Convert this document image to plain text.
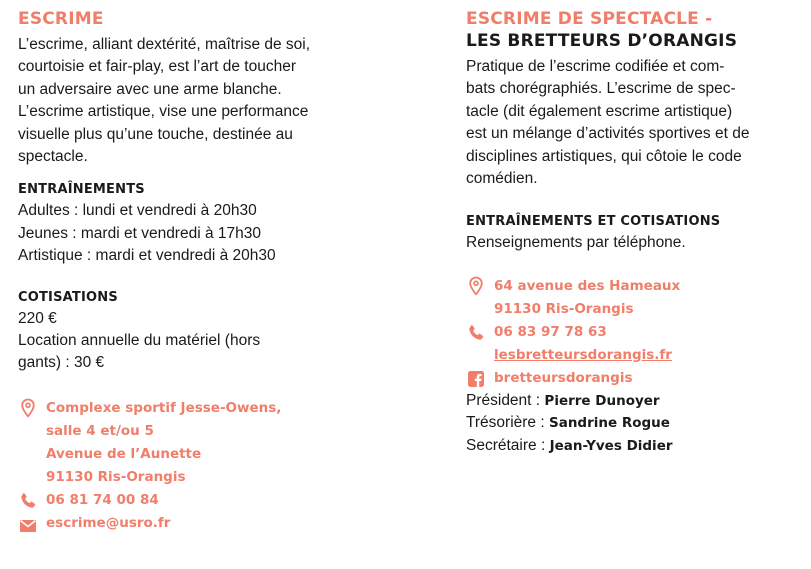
ESCRIME
L’escrime, alliant dextérité, maîtrise de soi,
courtoisie et fair-play, est l’art de toucher
un adversaire avec une arme blanche.
L’escrime artistique, vise une performance
visuelle plus qu’une touche, destinée au
spectacle.
ENTRAÎNEMENTS
Adultes : lundi et vendredi à 20h30
Jeunes : mardi et vendredi à 17h30
Artistique : mardi et vendredi à 20h30
COTISATIONS
220 €
Location annuelle du matériel (hors
gants) : 30 €
Complexe sportif Jesse-Owens,
salle 4 et/ou 5
Avenue de l’Aunette
91130 Ris-Orangis
06 81 74 00 84
escrime@usro.fr
ESCRIME DE SPECTACLE -
LES BRETTEURS D’ORANGIS
Pratique de l’escrime codifiée et com-
bats chorégraphiés. L’escrime de spec-
tacle (dit également escrime artistique)
est un mélange d’activités sportives et de
disciplines artistiques, qui côtoie le code
comédien.
ENTRAÎNEMENTS ET COTISATIONS
Renseignements par téléphone.
64 avenue des Hameaux
91130 Ris-Orangis
06 83 97 78 63
lesbretteursdorangis.fr
bretteursdorangis
Président : Pierre Dunoyer
Trésorière : Sandrine Rogue
Secrétaire : Jean-Yves Didier
